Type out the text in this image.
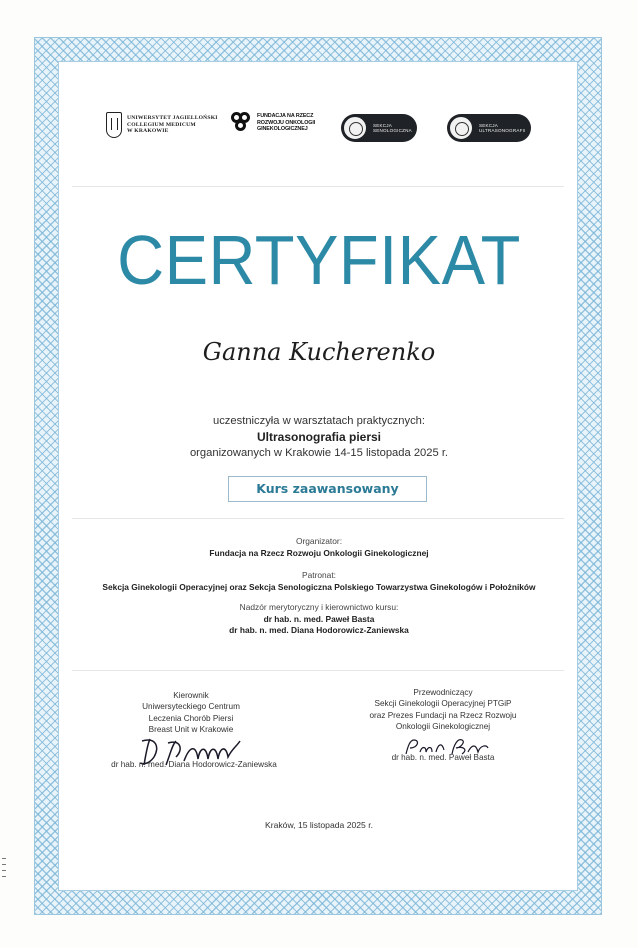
UNIWERSYTET JAGIELLOŃSKI
COLLEGIUM MEDICUM
W KRAKOWIE
FUNDACJA NA RZECZ
ROZWOJU ONKOLOGII
GINEKOLOGICZNEJ
SEKCJA
SENOLOGICZNA
SEKCJA
ULTRASONOGRAFII
CERTYFIKAT
Ganna Kucherenko
uczestniczyła w warsztatach praktycznych:
Ultrasonografia piersi
organizowanych w Krakowie 14-15 listopada 2025 r.
Kurs zaawansowany
Organizator:
Fundacja na Rzecz Rozwoju Onkologii Ginekologicznej
Patronat:
Sekcja Ginekologii Operacyjnej oraz Sekcja Senologiczna Polskiego Towarzystwa Ginekologów i Położników
Nadzór merytoryczny i kierownictwo kursu:
dr hab. n. med. Paweł Basta
dr hab. n. med. Diana Hodorowicz-Zaniewska
Kierownik
Uniwersyteckiego Centrum
Leczenia Chorób Piersi
Breast Unit w Krakowie
dr hab. n. med. Diana Hodorowicz-Zaniewska
Przewodniczący
Sekcji Ginekologii Operacyjnej PTGiP
oraz Prezes Fundacji na Rzecz Rozwoju
Onkologii Ginekologicznej
dr hab. n. med. Paweł Basta
Kraków, 15 listopada 2025 r.
